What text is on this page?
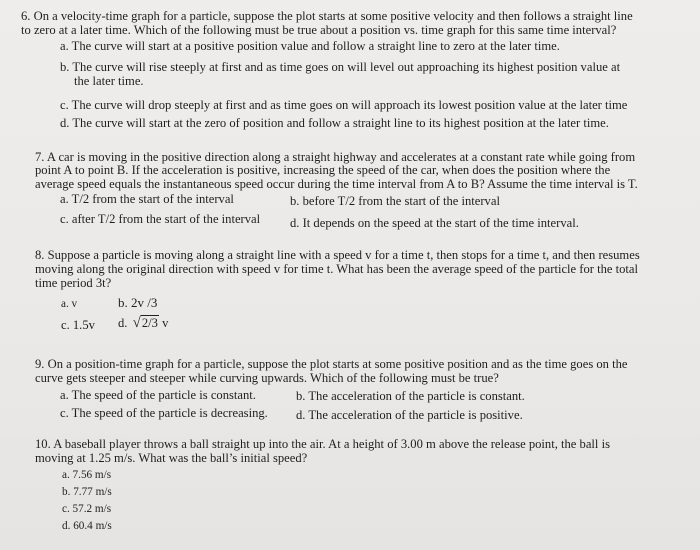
6. On a velocity-time graph for a particle, suppose the plot starts at some positive velocity and then follows a straight line
to zero at a later time. Which of the following must be true about a position vs. time graph for this same time interval?
a. The curve will start at a positive position value and follow a straight line to zero at the later time.
b. The curve will rise steeply at first and as time goes on will level out approaching its highest position value at
the later time.
c. The curve will drop steeply at first and as time goes on will approach its lowest position value at the later time
d. The curve will start at the zero of position and follow a straight line to its highest position at the later time.
7. A car is moving in the positive direction along a straight highway and accelerates at a constant rate while going from
point A to point B. If the acceleration is positive, increasing the speed of the car, when does the position where the
average speed equals the instantaneous speed occur during the time interval from A to B? Assume the time interval is T.
a. T/2 from the start of the interval	b. before T/2 from the start of the interval
c. after T/2 from the start of the interval d. It depends on the speed at the start of the time interval.
8. Suppose a particle is moving along a straight line with a speed v for a time t, then stops for a time t, and then resumes
moving along the original direction with speed v for time t. What has been the average speed of the particle for the total
time period 3t?
a. v	b. 2v /3
c. 1.5v d. √2/3 v
9. On a position-time graph for a particle, suppose the plot starts at some positive position and as the time goes on the
curve gets steeper and steeper while curving upwards. Which of the following must be true?
a. The speed of the particle is constant.	b. The acceleration of the particle is constant.
c. The speed of the particle is decreasing. d. The acceleration of the particle is positive.
10. A baseball player throws a ball straight up into the air. At a height of 3.00 m above the release point, the ball is
moving at 1.25 m/s. What was the ball’s initial speed?
a. 7.56 m/s
b. 7.77 m/s
c. 57.2 m/s
d. 60.4 m/s
